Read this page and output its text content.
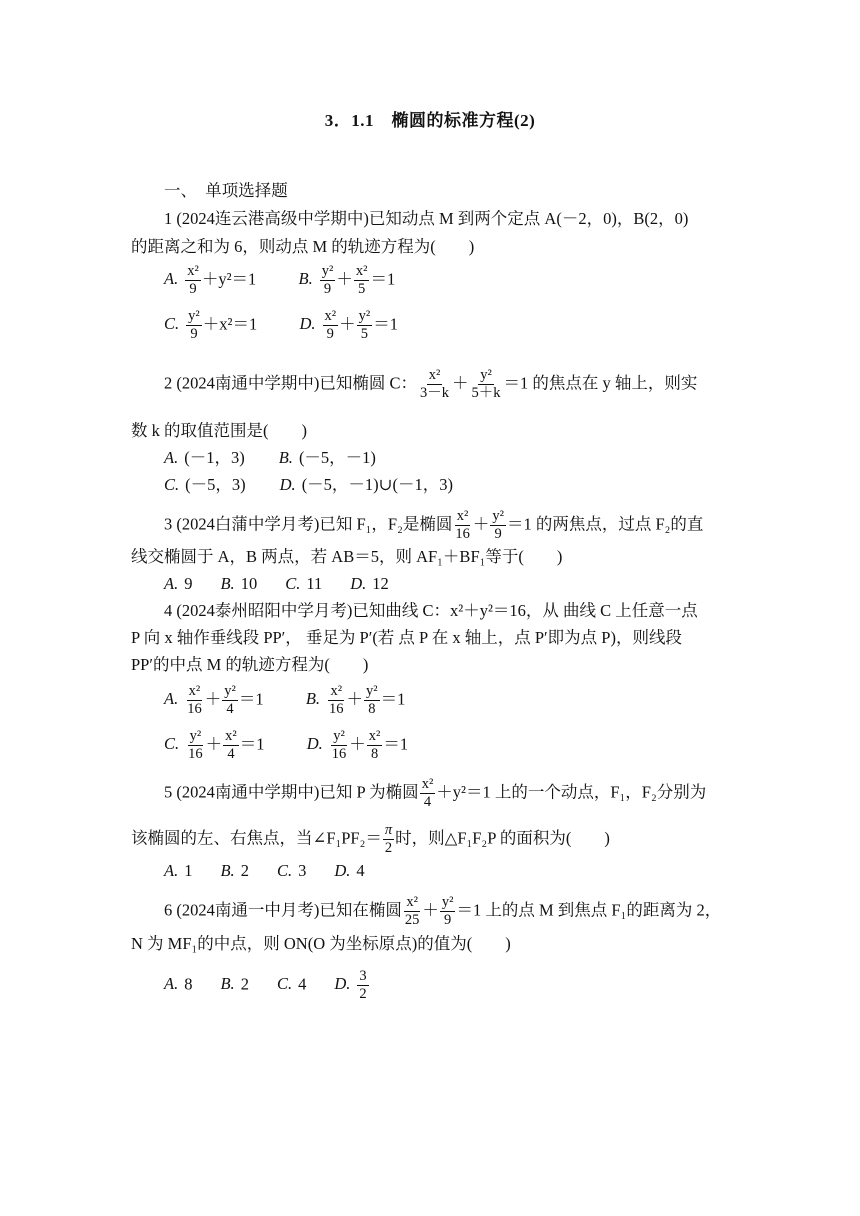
3．1.1　椭圆的标准方程(2)
一、　单项选择题
1 (2024连云港高级中学期中)已知动点 M 到两个定点 A(－2，0)，B(2，0)
的距离之和为 6，则动点 M 的轨迹方程为(　　)
A. $\frac{\text{x²}}{9} +y^2=1$	B. $\frac{\text{y²}}{9} + \frac{\text{x²}}{5} =1$
C. $\frac{\text{y²}}{9} +x^2=1$	D. $\frac{\text{x²}}{9} + \frac{\text{y²}}{5} =1$
2 (2024南通中学期中)已知椭圆 C： $\frac{\text{x²}}{3-k} + \frac{\text{y²}}{5+k} =1$ 的焦点在 y 轴上，则实
数 k 的取值范围是(　　)
A. (－1，3) B. (－5，－1)
C. (－5，3) D. (－5，－1)∪(－1，3)
3 (2024白蒲中学月考)已知 F₁，F₂是椭圆 $\frac{\text{x²}}{16} + \frac{\text{y²}}{9} =1$ 的两焦点，过点 F₂的直
线交椭圆于 A，B 两点，若 AB＝5，则 AF₁＋BF₁等于(　　)
A. 9 B. 10 C. 11 D. 12
4 (2024泰州昭阳中学月考)已知曲线 C：x²＋y²＝16，从 曲线 C 上任意一点
P 向 x 轴作垂线段 PP′， 垂足为 P′(若 点 P 在 x 轴上，点 P′即为点 P)，则线段
PP′的中点 M 的轨迹方程为(　　)
A. $\frac{\text{x²}}{16} + \frac{\text{y²}}{4} =1$	B. $\frac{\text{x²}}{16} + \frac{\text{y²}}{8} =1$
C. $\frac{\text{y²}}{16} + \frac{\text{x²}}{4} =1$	D. $\frac{\text{y²}}{16} + \frac{\text{x²}}{8} =1$
5 (2024南通中学期中)已知 P 为椭圆 $\frac{\text{x²}}{4} +y^2=1$ 上的一个动点，F₁，F₂分别为
该椭圆的左、右焦点，当∠F₁PF₂＝ $\frac{\pi}{2}$ 时，则△F₁F₂P 的面积为(　　)
A. 1 B. 2 C. 3 D. 4
6 (2024南通一中月考)已知在椭圆 $\frac{\text{x²}}{25} + \frac{\text{y²}}{9} =1$ 上的点 M 到焦点 F₁的距离为 2，
N 为 MF₁的中点，则 ON(O 为坐标原点)的值为(　　)
A. 8 B. 2 C. 4 D. $\frac{3}{2}$
